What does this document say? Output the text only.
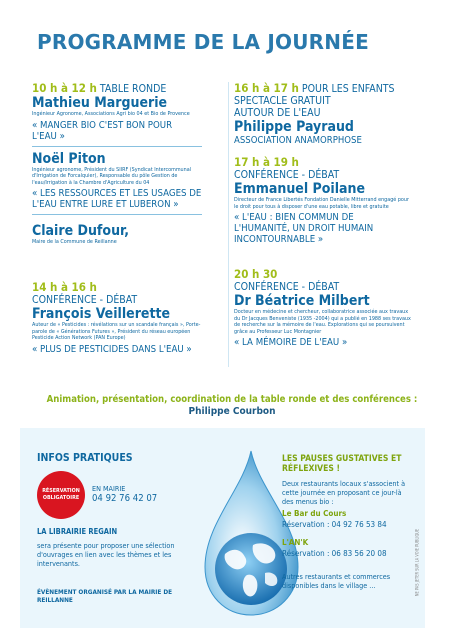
PROGRAMME DE LA JOURNÉE
10 h à 12 h TABLE RONDE
Mathieu Marguerie
Ingénieur Agronome, Associations Agri bio 04 et Bio de Provence
« MANGER BIO C'EST BON POUR L'EAU »
Noël Piton
Ingénieur agronome, Président du SIIRF (Syndicat Intercommunal d'Irrigation de Forcalquier), Responsable du pôle Gestion de l'eau/Irrigation à la Chambre d'Agriculture du 04
« LES RESSOURCES ET LES USAGES DE L'EAU ENTRE LURE ET LUBERON »
Claire Dufour,
Maire de la Commune de Reillanne
14 h à 16 h
CONFÉRENCE - DÉBAT
François Veillerette
Auteur de « Pesticides : révélations sur un scandale français », Porte-parole de « Générations Futures », Président du réseau européen Pesticide Action Network (PAN Europe)
« PLUS DE PESTICIDES DANS L'EAU »
16 h à 17 h POUR LES ENFANTS
SPECTACLE GRATUIT
AUTOUR DE L'EAU
Philippe Payraud
ASSOCIATION ANAMORPHOSE
17 h à 19 h
CONFÉRENCE - DÉBAT
Emmanuel Poilane
Directeur de France Libertés Fondation Danielle Mitterrand engagé pour le droit pour tous à disposer d'une eau potable, libre et gratuite
« L'EAU : BIEN COMMUN DE L'HUMANITÉ, UN DROIT HUMAIN INCONTOURNABLE »
20 h 30
CONFÉRENCE - DÉBAT
Dr Béatrice Milbert
Docteur en médecine et chercheur, collaboratrice associée aux travaux du Dr Jacques Benveniste (1935 -2004) qui a publié en 1988 ses travaux de recherche sur la mémoire de l'eau. Explorations qui se poursuivent grâce au Professeur Luc Montagnier
« LA MÉMOIRE DE L'EAU »
Animation, présentation, coordination de la table ronde et des conférences :
Philippe Courbon
INFOS PRATIQUES
RÉSERVATION OBLIGATOIRE
EN MAIRIE
04 92 76 42 07
LA LIBRAIRIE REGAIN
sera présente pour proposer une sélection d'ouvrages en lien avec les thèmes et les intervenants.
ÉVÈNEMENT ORGANISÉ PAR LA MAIRIE DE REILLANNE
LES PAUSES GUSTATIVES ET RÉFLEXIVES !
Deux restaurants locaux s'associent à cette journée en proposant ce jour-là des menus bio :
Le Bar du Cours
Réservation : 04 92 76 53 84
L'AN'K
Réservation : 06 83 56 20 08
Autres restaurants et commerces disponibles dans le village ...	NE PAS JETER SUR LA VOIE PUBLIQUE
